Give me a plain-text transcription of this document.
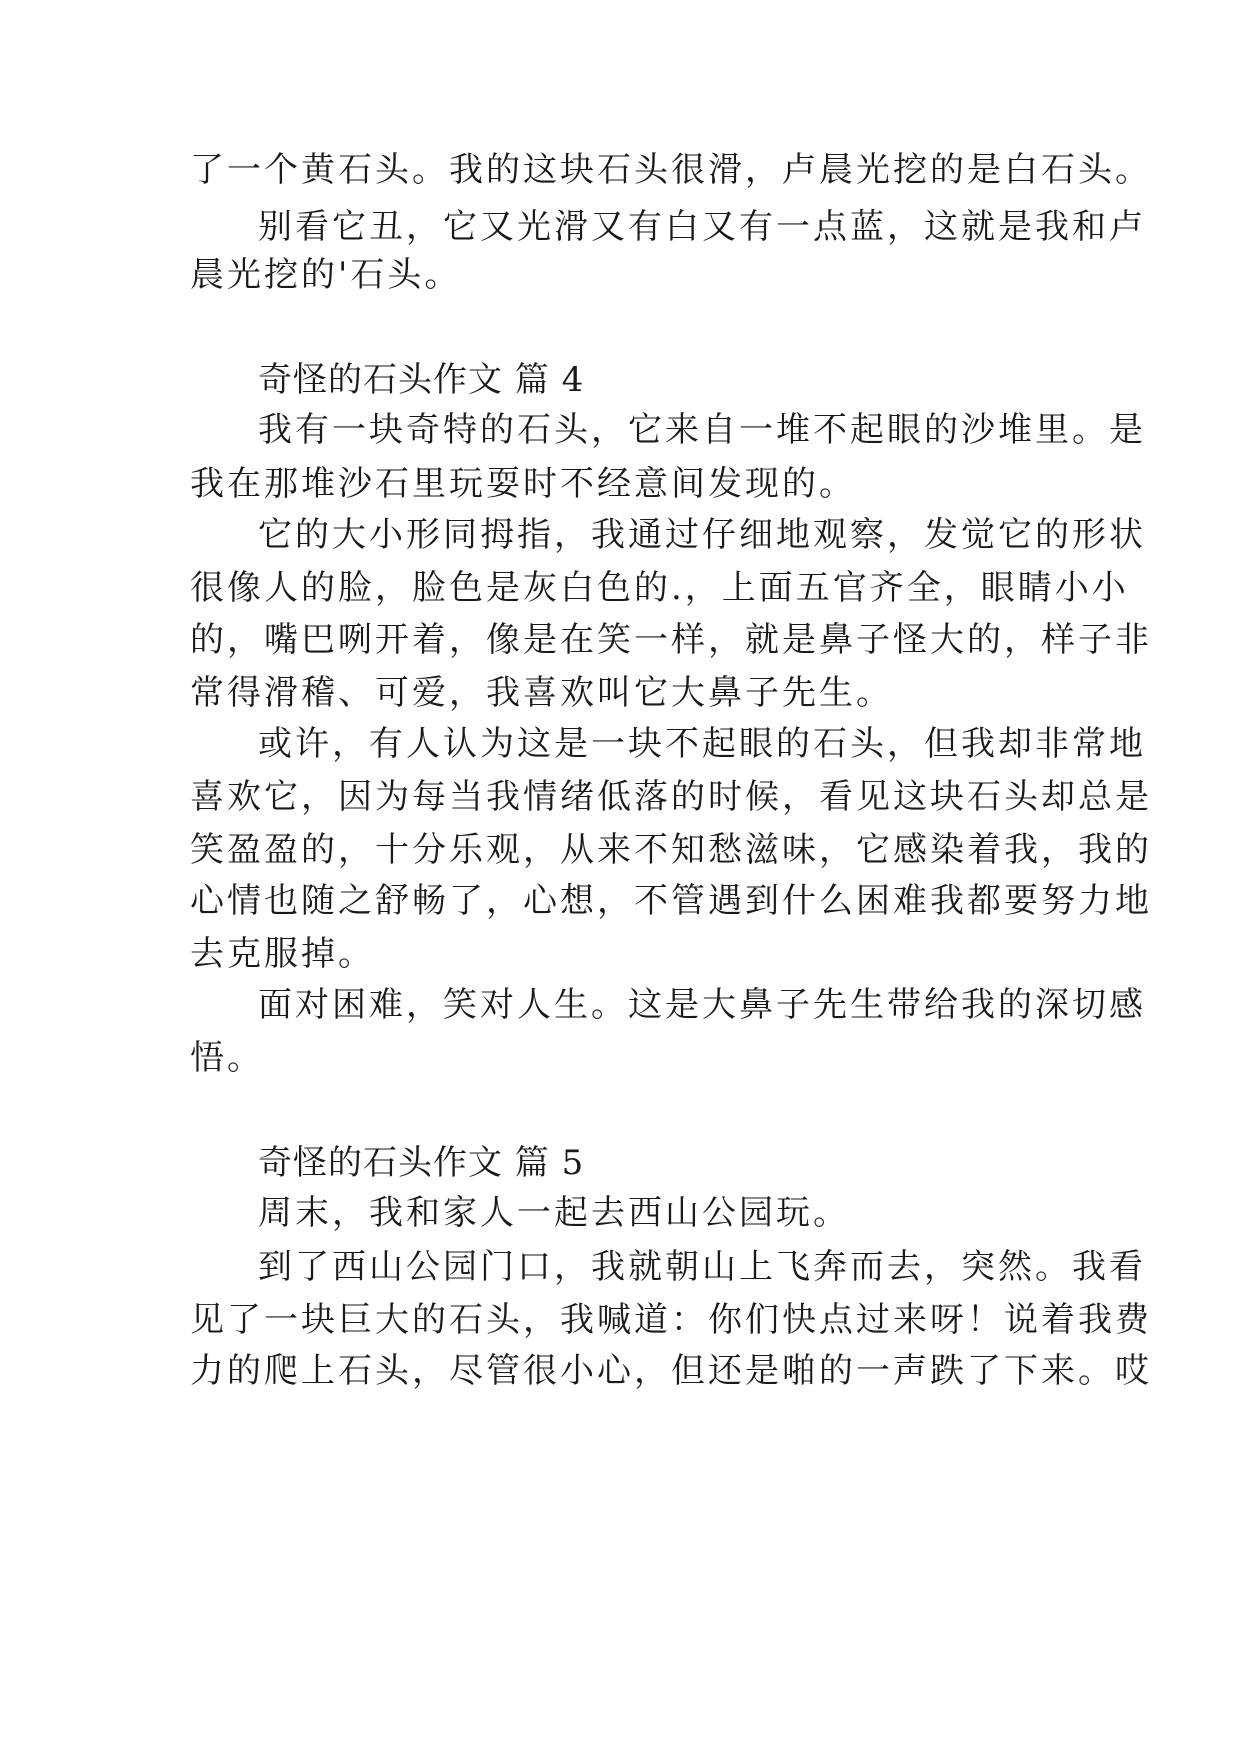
了一个黄石头。我的这块石头很滑，卢晨光挖的是白石头。
别看它丑，它又光滑又有白又有一点蓝，这就是我和卢
晨光挖的'石头。
奇怪的石头作文 篇 4
我有一块奇特的石头，它来自一堆不起眼的沙堆里。是
我在那堆沙石里玩耍时不经意间发现的。
它的大小形同拇指，我通过仔细地观察，发觉它的形状
很像人的脸，脸色是灰白色的.，上面五官齐全，眼睛小小
的，嘴巴咧开着，像是在笑一样，就是鼻子怪大的，样子非
常得滑稽、可爱，我喜欢叫它大鼻子先生。
或许，有人认为这是一块不起眼的石头，但我却非常地
喜欢它，因为每当我情绪低落的时候，看见这块石头却总是
笑盈盈的，十分乐观，从来不知愁滋味，它感染着我，我的
心情也随之舒畅了，心想，不管遇到什么困难我都要努力地
去克服掉。
面对困难，笑对人生。这是大鼻子先生带给我的深切感
悟。
奇怪的石头作文 篇 5
周末，我和家人一起去西山公园玩。
到了西山公园门口，我就朝山上飞奔而去，突然。我看
见了一块巨大的石头，我喊道：你们快点过来呀！说着我费
力的爬上石头，尽管很小心，但还是啪的一声跌了下来。哎
